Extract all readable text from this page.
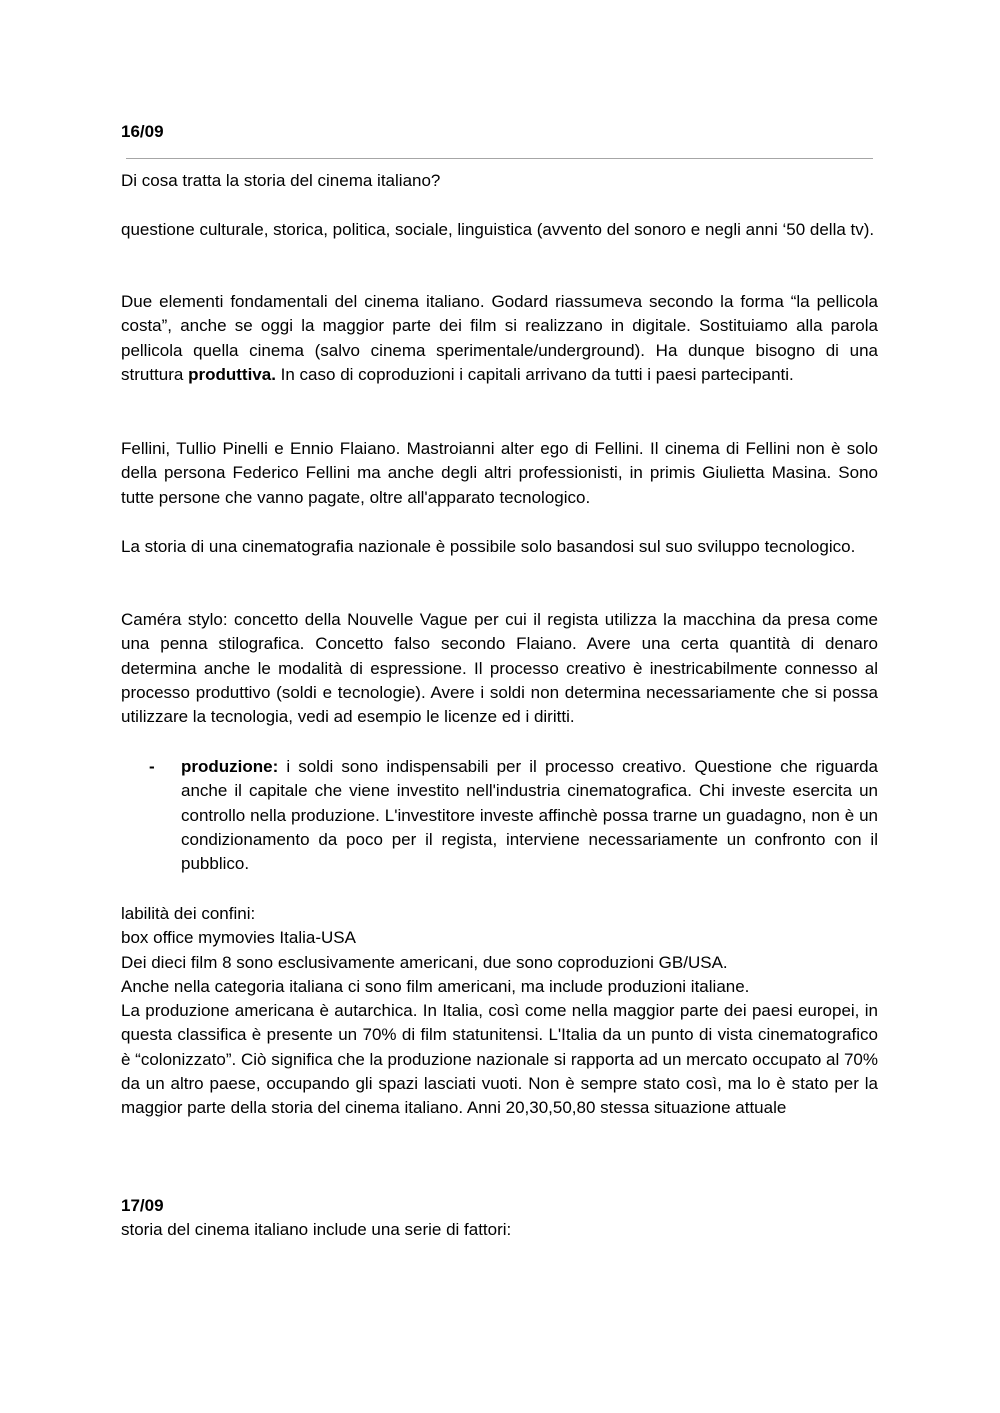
16/09

Di cosa tratta la storia del cinema italiano?

questione culturale, storica, politica, sociale, linguistica (avvento del sonoro e negli anni ‘50 della tv).

Due elementi fondamentali del cinema italiano. Godard riassumeva secondo la forma “la pellicola costa”, anche se oggi la maggior parte dei film si realizzano in digitale. Sostituiamo alla parola pellicola quella cinema (salvo cinema sperimentale/underground). Ha dunque bisogno di una struttura produttiva. In caso di coproduzioni i capitali arrivano da tutti i paesi partecipanti.

Fellini, Tullio Pinelli e Ennio Flaiano. Mastroianni alter ego di Fellini. Il cinema di Fellini non è solo della persona Federico Fellini ma anche degli altri professionisti, in primis Giulietta Masina. Sono tutte persone che vanno pagate, oltre all'apparato tecnologico.

La storia di una cinematografia nazionale è possibile solo basandosi sul suo sviluppo tecnologico.

Caméra stylo: concetto della Nouvelle Vague per cui il regista utilizza la macchina da presa come una penna stilografica. Concetto falso secondo Flaiano. Avere una certa quantità di denaro determina anche le modalità di espressione. Il processo creativo è inestricabilmente connesso al processo produttivo (soldi e tecnologie). Avere i soldi non determina necessariamente che si possa utilizzare la tecnologia, vedi ad esempio le licenze ed i diritti.

- produzione: i soldi sono indispensabili per il processo creativo. Questione che riguarda anche il capitale che viene investito nell'industria cinematografica. Chi investe esercita un controllo nella produzione. L'investitore investe affinchè possa trarne un guadagno, non è un condizionamento da poco per il regista, interviene necessariamente un confronto con il pubblico.
labilità dei confini:
box office mymovies Italia-USA
Dei dieci film 8 sono esclusivamente americani, due sono coproduzioni GB/USA.
Anche nella categoria italiana ci sono film americani, ma include produzioni italiane.

La produzione americana è autarchica. In Italia, così come nella maggior parte dei paesi europei, in questa classifica è presente un 70% di film statunitensi. L'Italia da un punto di vista cinematografico è “colonizzato”. Ciò significa che la produzione nazionale si rapporta ad un mercato occupato al 70% da un altro paese, occupando gli spazi lasciati vuoti. Non è sempre stato così, ma lo è stato per la maggior parte della storia del cinema italiano. Anni 20,30,50,80 stessa situazione attuale

17/09

storia del cinema italiano include una serie di fattori:
